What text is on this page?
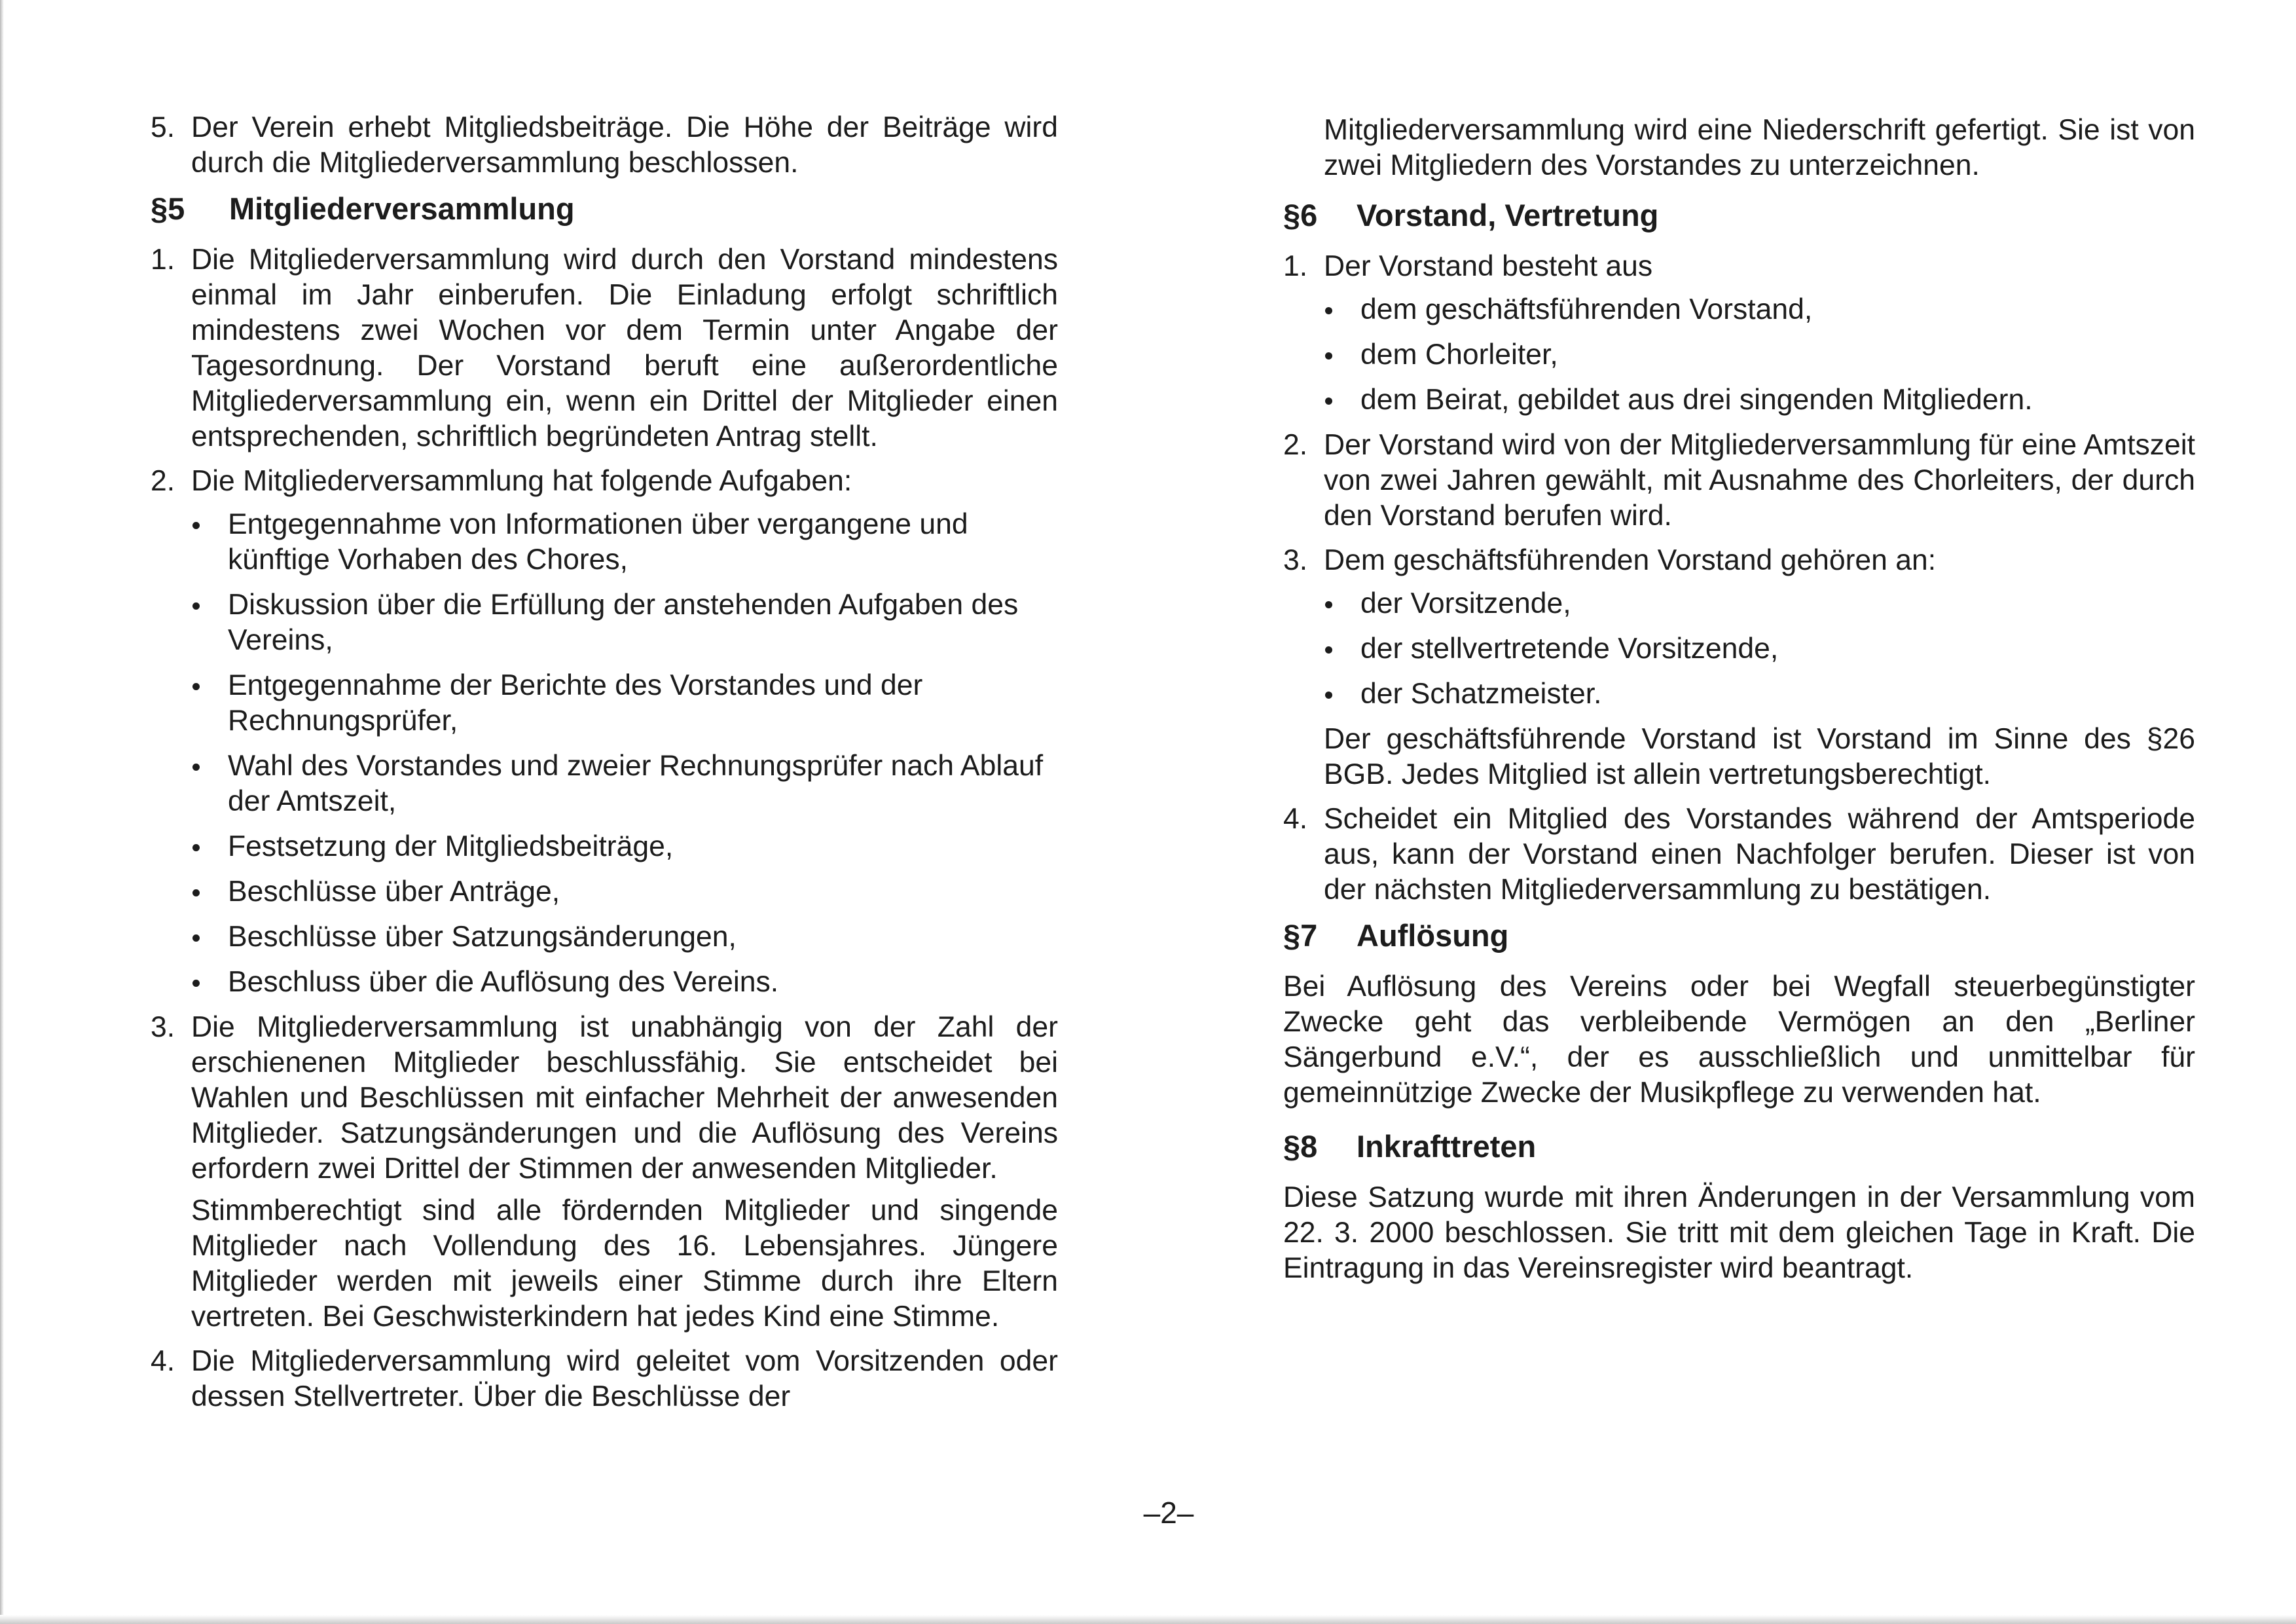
5. Der Verein erhebt Mitgliedsbeiträge. Die Höhe der Beiträge wird durch die Mitgliederversammlung beschlossen.

§5	Mitgliederversammlung
1. Die Mitgliederversammlung wird durch den Vorstand mindestens einmal im Jahr einberufen. Die Einladung erfolgt schriftlich mindestens zwei Wochen vor dem Termin unter Angabe der Tagesordnung. Der Vorstand beruft eine außerordentliche Mitgliederversammlung ein, wenn ein Drittel der Mitglieder einen entsprechenden, schriftlich begründeten Antrag stellt.

2. Die Mitgliederversammlung hat folgende Aufgaben:

Entgegennahme von Informationen über vergangene und künftige Vorhaben des Chores,
Diskussion über die Erfüllung der anstehenden Aufgaben des Vereins,
Entgegennahme der Berichte des Vorstandes und der Rechnungsprüfer,
Wahl des Vorstandes und zweier Rechnungsprüfer nach Ablauf der Amtszeit,
Festsetzung der Mitgliedsbeiträge,
Beschlüsse über Anträge,
Beschlüsse über Satzungsänderungen,
Beschluss über die Auflösung des Vereins.
3. Die Mitgliederversammlung ist unabhängig von der Zahl der erschienenen Mitglieder beschlussfähig. Sie entscheidet bei Wahlen und Beschlüssen mit einfacher Mehrheit der anwesenden Mitglieder. Satzungsänderungen und die Auflösung des Vereins erfordern zwei Drittel der Stimmen der anwesenden Mitglieder.

Stimmberechtigt sind alle fördernden Mitglieder und singende Mitglieder nach Vollendung des 16. Lebensjahres. Jüngere Mitglieder werden mit jeweils einer Stimme durch ihre Eltern vertreten. Bei Geschwisterkindern hat jedes Kind eine Stimme.

4. Die Mitgliederversammlung wird geleitet vom Vorsitzenden oder dessen Stellvertreter. Über die Beschlüsse der

Mitgliederversammlung wird eine Niederschrift gefertigt. Sie ist von zwei Mitgliedern des Vorstandes zu unterzeichnen.

§6	Vorstand, Vertretung
1. Der Vorstand besteht aus

dem geschäftsführenden Vorstand,
dem Chorleiter,
dem Beirat, gebildet aus drei singenden Mitgliedern.
2. Der Vorstand wird von der Mitgliederversammlung für eine Amtszeit von zwei Jahren gewählt, mit Ausnahme des Chorleiters, der durch den Vorstand berufen wird.

3. Dem geschäftsführenden Vorstand gehören an:

der Vorsitzende,
der stellvertretende Vorsitzende,
der Schatzmeister.

Der geschäftsführende Vorstand ist Vorstand im Sinne des §26 BGB. Jedes Mitglied ist allein vertretungsberechtigt.

4. Scheidet ein Mitglied des Vorstandes während der Amtsperiode aus, kann der Vorstand einen Nachfolger berufen. Dieser ist von der nächsten Mitgliederversammlung zu bestätigen.

§7	Auflösung

Bei Auflösung des Vereins oder bei Wegfall steuerbegünstigter Zwecke geht das verbleibende Vermögen an den „Berliner Sängerbund e.V.“, der es ausschließlich und unmittelbar für gemeinnützige Zwecke der Musikpflege zu verwenden hat.

§8	Inkrafttreten

Diese Satzung wurde mit ihren Änderungen in der Versammlung vom 22. 3. 2000 beschlossen. Sie tritt mit dem gleichen Tage in Kraft. Die Eintragung in das Vereinsregister wird beantragt.

–2–
